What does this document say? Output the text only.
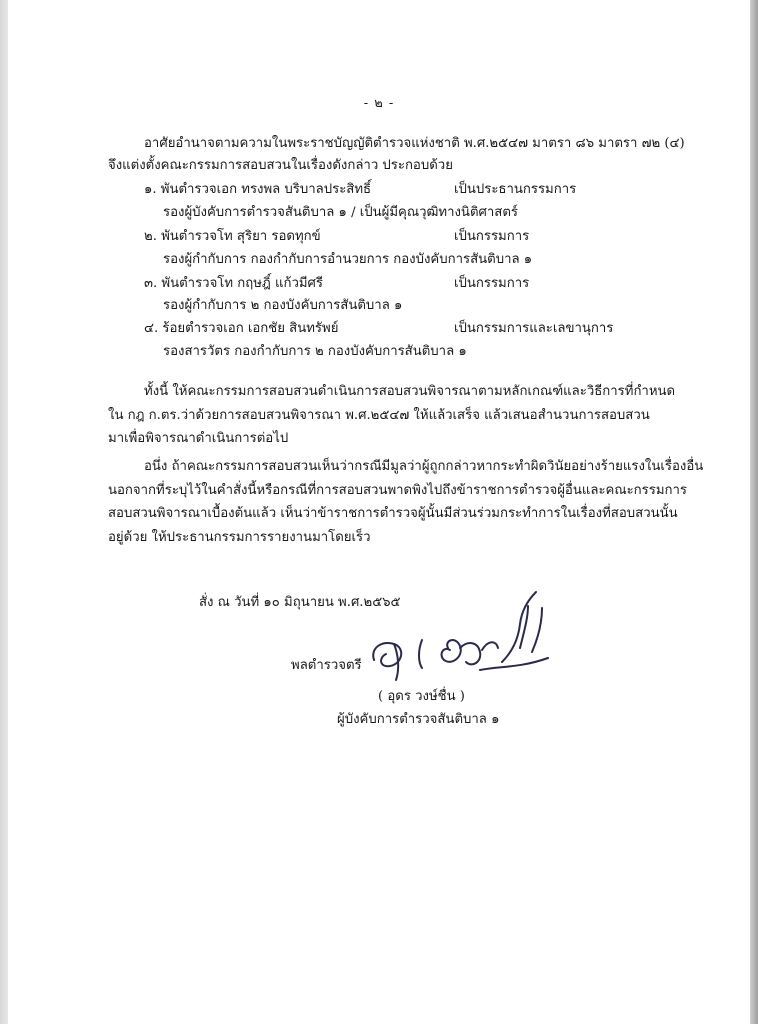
- ๒ -
อาศัยอำนาจตามความในพระราชบัญญัติตำรวจแห่งชาติ พ.ศ.๒๕๔๗ มาตรา ๘๖ มาตรา ๗๒ (๔)
จึงแต่งตั้งคณะกรรมการสอบสวนในเรื่องดังกล่าว ประกอบด้วย
๑. พันตำรวจเอก ทรงพล บริบาลประสิทธิ์	เป็นประธานกรรมการ
รองผู้บังคับการตำรวจสันติบาล ๑ / เป็นผู้มีคุณวุฒิทางนิติศาสตร์
๒. พันตำรวจโท สุริยา รอดทุกข์	เป็นกรรมการ
รองผู้กำกับการ กองกำกับการอำนวยการ กองบังคับการสันติบาล ๑
๓. พันตำรวจโท กฤษฎิ์ แก้วมีศรี	เป็นกรรมการ
รองผู้กำกับการ ๒ กองบังคับการสันติบาล ๑
๔. ร้อยตำรวจเอก เอกชัย สินทรัพย์	เป็นกรรมการและเลขานุการ
รองสารวัตร กองกำกับการ ๒ กองบังคับการสันติบาล ๑
ทั้งนี้ ให้คณะกรรมการสอบสวนดำเนินการสอบสวนพิจารณาตามหลักเกณฑ์และวิธีการที่กำหนด
ใน กฎ ก.ตร.ว่าด้วยการสอบสวนพิจารณา พ.ศ.๒๕๔๗ ให้แล้วเสร็จ แล้วเสนอสำนวนการสอบสวน
มาเพื่อพิจารณาดำเนินการต่อไป
อนึ่ง ถ้าคณะกรรมการสอบสวนเห็นว่ากรณีมีมูลว่าผู้ถูกกล่าวหากระทำผิดวินัยอย่างร้ายแรงในเรื่องอื่น
นอกจากที่ระบุไว้ในคำสั่งนี้หรือกรณีที่การสอบสวนพาดพิงไปถึงข้าราชการตำรวจผู้อื่นและคณะกรรมการ
สอบสวนพิจารณาเบื้องต้นแล้ว เห็นว่าข้าราชการตำรวจผู้นั้นมีส่วนร่วมกระทำการในเรื่องที่สอบสวนนั้น
อยู่ด้วย ให้ประธานกรรมการรายงานมาโดยเร็ว
สั่ง ณ วันที่ ๑๐ มิถุนายน พ.ศ.๒๕๖๕
พลตำรวจตรี
( อุดร วงษ์ชื่น )
ผู้บังคับการตำรวจสันติบาล ๑
